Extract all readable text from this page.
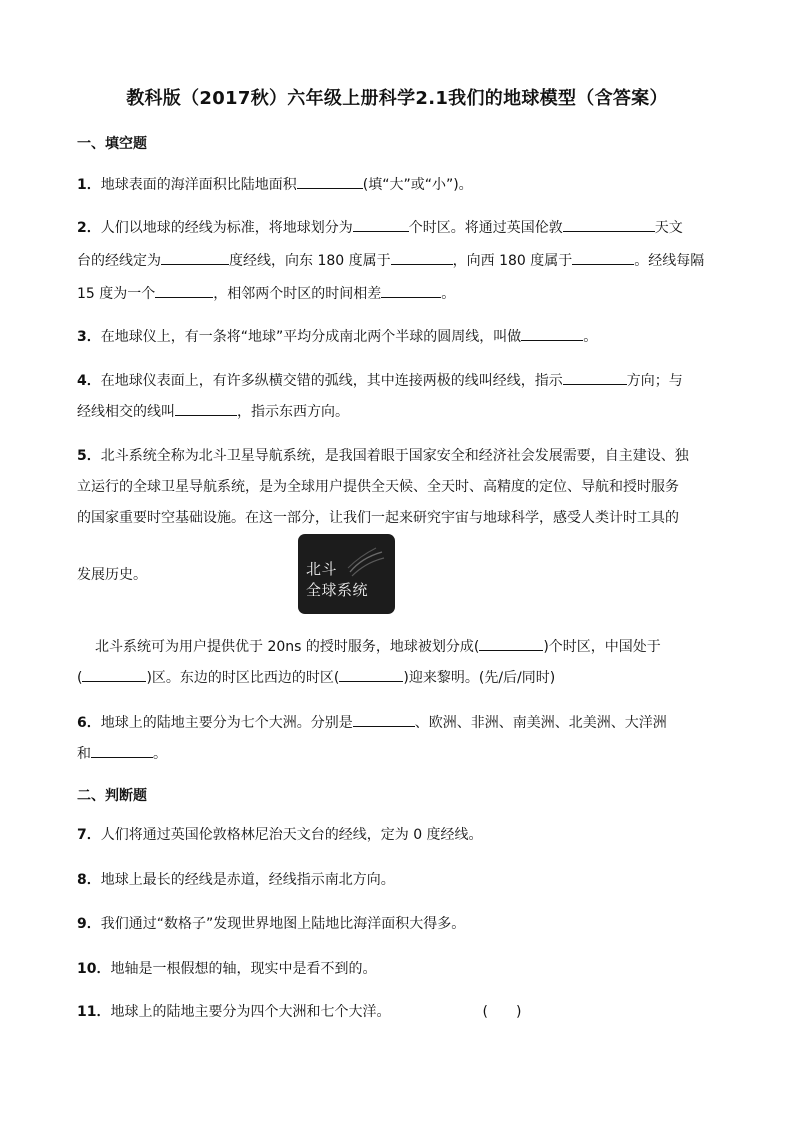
教科版（2017秋）六年级上册科学2.1我们的地球模型（含答案）
一、填空题
1．地球表面的海洋面积比陆地面积	(填“大”或“小”)。
2．人们以地球的经线为标准，将地球划分为	个时区。将通过英国伦敦	天文
台的经线定为	度经线，向东 180 度属于	，向西 180 度属于	。经线每隔
15 度为一个	，相邻两个时区的时间相差	。
3．在地球仪上，有一条将“地球”平均分成南北两个半球的圆周线，叫做	。
4．在地球仪表面上，有许多纵横交错的弧线，其中连接两极的线叫经线，指示	方向；与
经线相交的线叫	，指示东西方向。
5．北斗系统全称为北斗卫星导航系统，是我国着眼于国家安全和经济社会发展需要，自主建设、独
立运行的全球卫星导航系统，是为全球用户提供全天候、全天时、高精度的定位、导航和授时服务
的国家重要时空基础设施。在这一部分，让我们一起来研究宇宙与地球科学，感受人类计时工具的
发展历史。	北斗
全球系统
北斗系统可为用户提供优于 20ns 的授时服务，地球被划分成(	)个时区，中国处于
(	)区。东边的时区比西边的时区(	)迎来黎明。(先/后/同时)
6．地球上的陆地主要分为七个大洲。分别是	、欧洲、非洲、南美洲、北美洲、大洋洲
和	。
二、判断题
7．人们将通过英国伦敦格林尼治天文台的经线，定为 0 度经线。
8．地球上最长的经线是赤道，经线指示南北方向。
9．我们通过“数格子”发现世界地图上陆地比海洋面积大得多。
10．地轴是一根假想的轴，现实中是看不到的。
11．地球上的陆地主要分为四个大洲和七个大洋。	(　　)
